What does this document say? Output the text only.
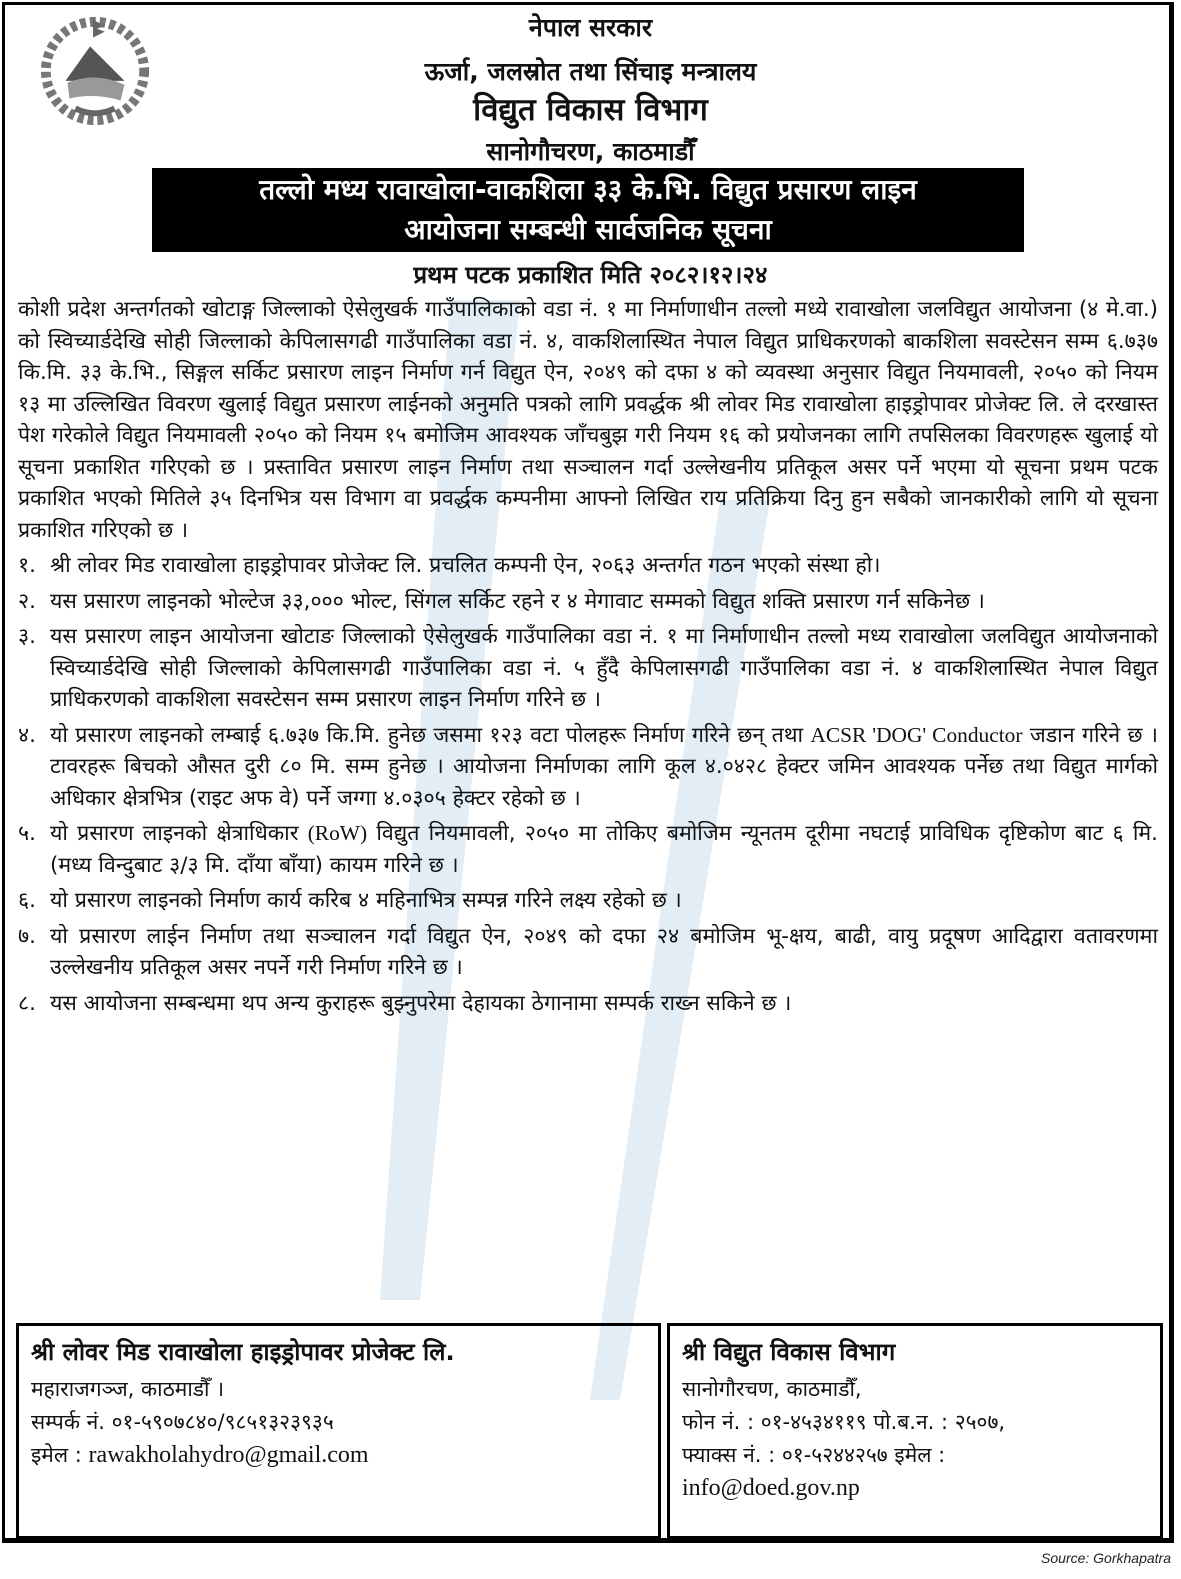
नेपाल सरकार
ऊर्जा, जलस्रोत तथा सिंचाइ मन्त्रालय
विद्युत विकास विभाग
सानोगौचरण, काठमाडौँ
तल्लो मध्य रावाखोला-वाकशिला ३३ के.भि. विद्युत प्रसारण लाइन
आयोजना सम्बन्धी सार्वजनिक सूचना
प्रथम पटक प्रकाशित मिति २०८२।१२।२४

कोशी प्रदेश अन्तर्गतको खोटाङ्ग जिल्लाको ऐसेलुखर्क गाउँपालिकाको वडा नं. १ मा निर्माणाधीन तल्लो मध्ये रावाखोला जलविद्युत आयोजना (४ मे.वा.) को स्विच्यार्डदेखि सोही जिल्लाको केपिलासगढी गाउँपालिका वडा नं. ४, वाकशिलास्थित नेपाल विद्युत प्राधिकरणको बाकशिला सवस्टेसन सम्म ६.७३७ कि.मि. ३३ के.भि., सिङ्गल सर्किट प्रसारण लाइन निर्माण गर्न विद्युत ऐन, २०४९ को दफा ४ को व्यवस्था अनुसार विद्युत नियमावली, २०५० को नियम १३ मा उल्लिखित विवरण खुलाई विद्युत प्रसारण लाईनको अनुमति पत्रको लागि प्रवर्द्धक श्री लोवर मिड रावाखोला हाइड्रोपावर प्रोजेक्ट लि. ले दरखास्त पेश गरेकोले विद्युत नियमावली २०५० को नियम १५ बमोजिम आवश्यक जाँचबुझ गरी नियम १६ को प्रयोजनका लागि तपसिलका विवरणहरू खुलाई यो सूचना प्रकाशित गरिएको छ । प्रस्तावित प्रसारण लाइन निर्माण तथा सञ्चालन गर्दा उल्लेखनीय प्रतिकूल असर पर्ने भएमा यो सूचना प्रथम पटक प्रकाशित भएको मितिले ३५ दिनभित्र यस विभाग वा प्रवर्द्धक कम्पनीमा आफ्नो लिखित राय प्रतिक्रिया दिनु हुन सबैको जानकारीको लागि यो सूचना प्रकाशित गरिएको छ ।

१. श्री लोवर मिड रावाखोला हाइड्रोपावर प्रोजेक्ट लि. प्रचलित कम्पनी ऐन, २०६३ अन्तर्गत गठन भएको संस्था हो।
२. यस प्रसारण लाइनको भोल्टेज ३३,००० भोल्ट, सिंगल सर्किट रहने र ४ मेगावाट सम्मको विद्युत शक्ति प्रसारण गर्न सकिनेछ ।
३. यस प्रसारण लाइन आयोजना खोटाङ जिल्लाको ऐसेलुखर्क गाउँपालिका वडा नं. १ मा निर्माणाधीन तल्लो मध्य रावाखोला जलविद्युत आयोजनाको स्विच्यार्डदेखि सोही जिल्लाको केपिलासगढी गाउँपालिका वडा नं. ५ हुँदै केपिलासगढी गाउँपालिका वडा नं. ४ वाकशिलास्थित नेपाल विद्युत प्राधिकरणको वाकशिला सवस्टेसन सम्म प्रसारण लाइन निर्माण गरिने छ ।
४. यो प्रसारण लाइनको लम्बाई ६.७३७ कि.मि. हुनेछ जसमा १२३ वटा पोलहरू निर्माण गरिने छन् तथा ACSR 'DOG' Conductor जडान गरिने छ । टावरहरू बिचको औसत दुरी ८० मि. सम्म हुनेछ । आयोजना निर्माणका लागि कूल ४.०४२८ हेक्टर जमिन आवश्यक पर्नेछ तथा विद्युत मार्गको अधिकार क्षेत्रभित्र (राइट अफ वे) पर्ने जग्गा ४.०३०५ हेक्टर रहेको छ ।
५. यो प्रसारण लाइनको क्षेत्राधिकार (RoW) विद्युत नियमावली, २०५० मा तोकिए बमोजिम न्यूनतम दूरीमा नघटाई प्राविधिक दृष्टिकोण बाट ६ मि. (मध्य विन्दुबाट ३/३ मि. दाँया बाँया) कायम गरिने छ ।
६. यो प्रसारण लाइनको निर्माण कार्य करिब ४ महिनाभित्र सम्पन्न गरिने लक्ष्य रहेको छ ।
७. यो प्रसारण लाईन निर्माण तथा सञ्चालन गर्दा विद्युत ऐन, २०४९ को दफा २४ बमोजिम भू-क्षय, बाढी, वायु प्रदूषण आदिद्वारा वतावरणमा उल्लेखनीय प्रतिकूल असर नपर्ने गरी निर्माण गरिने छ ।
८. यस आयोजना सम्बन्धमा थप अन्य कुराहरू बुझ्नुपरेमा देहायका ठेगानामा सम्पर्क राख्न सकिने छ ।
श्री लोवर मिड रावाखोला हाइड्रोपावर प्रोजेक्ट लि.
महाराजगञ्ज, काठमाडौँ ।
सम्पर्क नं. ०१-५९०७८४०/९८५१३२३९३५
इमेल : rawakholahydro@gmail.com
श्री विद्युत विकास विभाग
सानोगौरचण, काठमाडौँ,
फोन नं. : ०१-४५३४११९ पो.ब.न. : २५०७,
फ्याक्स नं. : ०१-५२४४२५७ इमेल :
info@doed.gov.np
Source: Gorkhapatra
